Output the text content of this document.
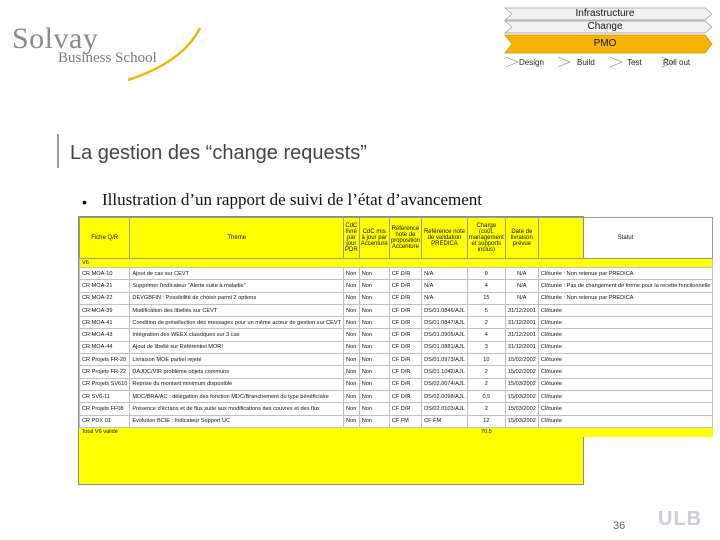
Solvay
Business School
Infrastructure
Change
PMO
Design	Build	Test	Roll out
La gestion des “change requests”
• Illustration d’un rapport de suivi de l’état d’avancement
Fiche Q/R	Thème	CdC livré par jour PDR	CdC mis à jour par Accenture	Référence note de proposition Accenture	Référence note de validation PREDICA	Charge (coût, management et supports inclus)	Date de livraison prévue	Statut
V6								
CR MOA-10	Ajout de cas sur CEVT	Non	Non	CF D/R	N/A	9	N/A	Clôturée : Non retenue par PREDICA
CR MOA-21	Supprimer l'indicateur "Alerte suite à maladie"	Non	Non	CF D/R	N/A	4	N/A	Clôturée : Pas de changement de forme pour la recette fonctionnelle
CR MOA-22	DEVGBFIN : Possibilité de choisir parmi 2 options	Non	Non	CF D/R	N/A	15	N/A	Clôturée : Non retenue par PREDICA
CR MOA-39	Modification des libellés sur CEVT	Non	Non	CF D/R	DS/01.0846/AJL	5	31/12/2001	Clôturée
CR MOA-41	Condition de présélection des messages pour un même acteur de gestion sur CEVT	Non	Non	CF D/R	DS/01.0847/AJL	2	31/12/2001	Clôturée
CR MOA-43	Intégration des WEEX classiques sur 3 cas	Non	Non	CF D/R	DS/01.0905/AJL	4	31/12/2001	Clôturée
CR MOA-44	Ajout de libellé sur Référentiel MORI	Non	Non	CF D/R	DS/01.0881/AJL	3	31/12/2001	Clôturée
CR Projets FR-20	Livraison MOE partiel rejeté	Non	Non	CF D/R	DS/01.0973/AJL	10	15/02/2002	Clôturée
CR Projets FR-22	DAJDC/VIR problème objets communs	Non	Non	CF D/R	DS/01.1042/AJL	2	15/02/2002	Clôturée
CR Projets SV610	Reprise du montant minimum disponible	Non	Non	CF D/R	DS/02.0074/AJL	2	15/03/2002	Clôturée
CR SV6-11	MDC/BRA/AC : délégation des fonction MDC/Branchement du type bénéficiaire	Non	Non	CF D/R	DS/02.0098/AJL	0,5	15/03/2002	Clôturée
CR Projets FF08	Présence d'écrans et de flux suite aux modifications des couvres et des flux	Non	Non	CF D/R	DS/02.0103/AJL	2	15/03/2002	Clôturée
CR PDX 01	Evolution BCIE : Indicateur Support UC	Non	Non	CF FM	CF FM	12	15/03/2002	Clôturée
Total V6 validé						70,5		
36 ULB
